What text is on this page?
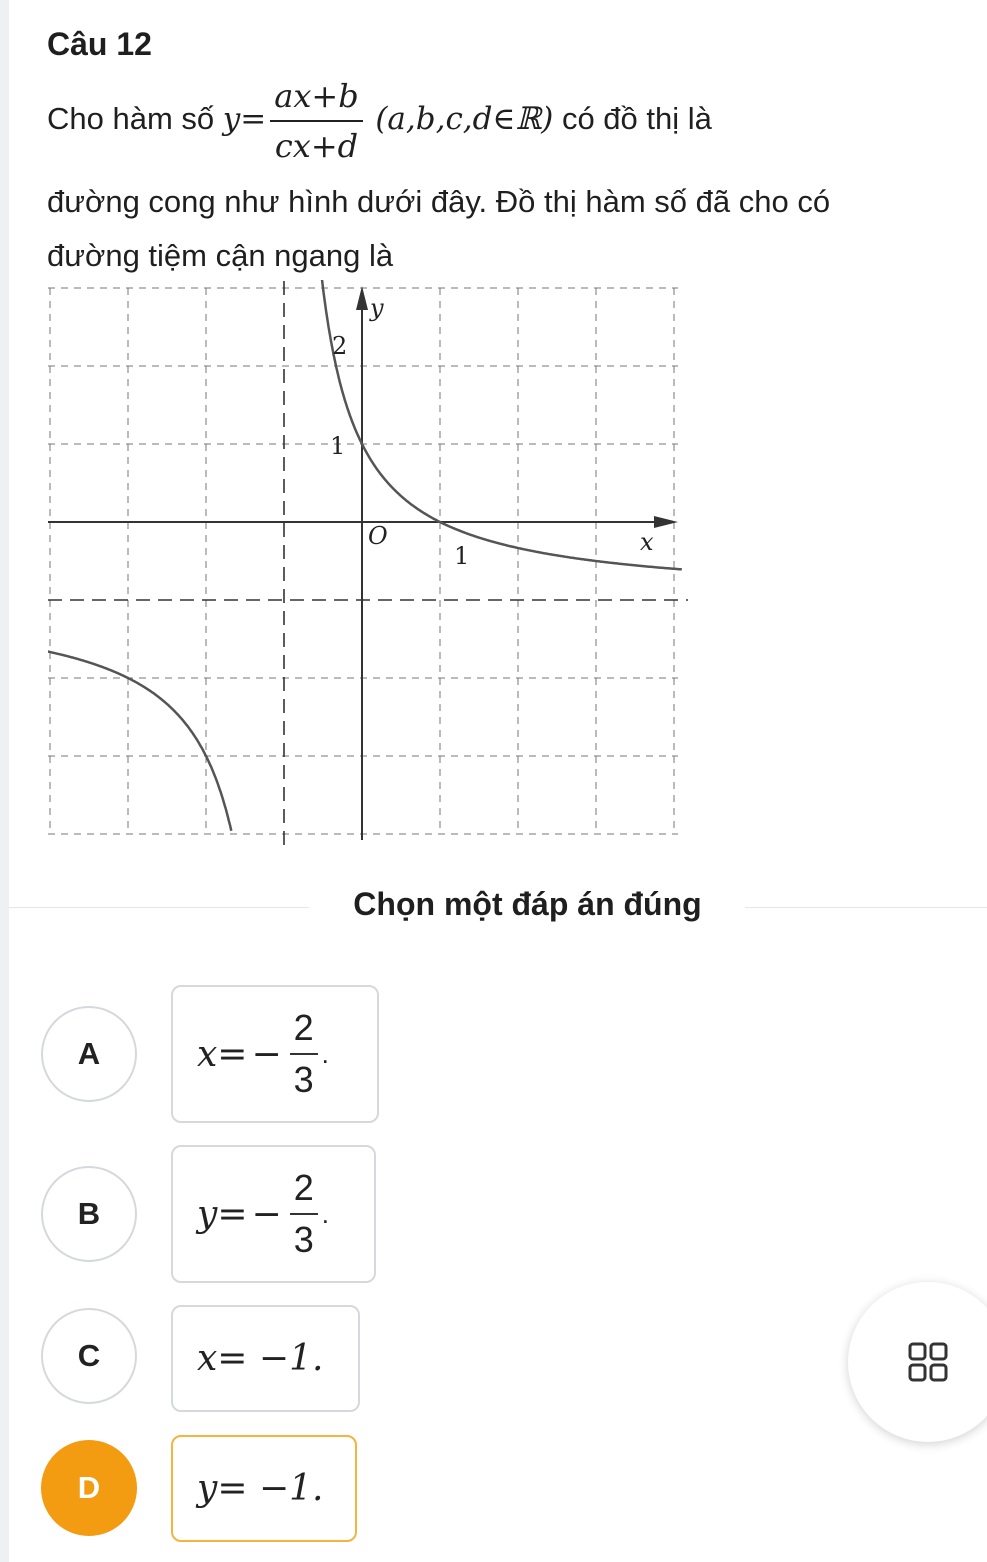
Câu 12
Cho hàm số $y= \frac{ax+b}{cx+d}$ (a,b,c,d∈ℝ) có đồ thị là
đường cong như hình dưới đây. Đồ thị hàm số đã cho có
đường tiệm cận ngang là
y
x
O
2
1
1
Chọn một đáp án đúng
A	$x= - \frac{2}{3}$ .
B	$y= - \frac{2}{3}$ .
C	x= −1.
D	y= −1.
